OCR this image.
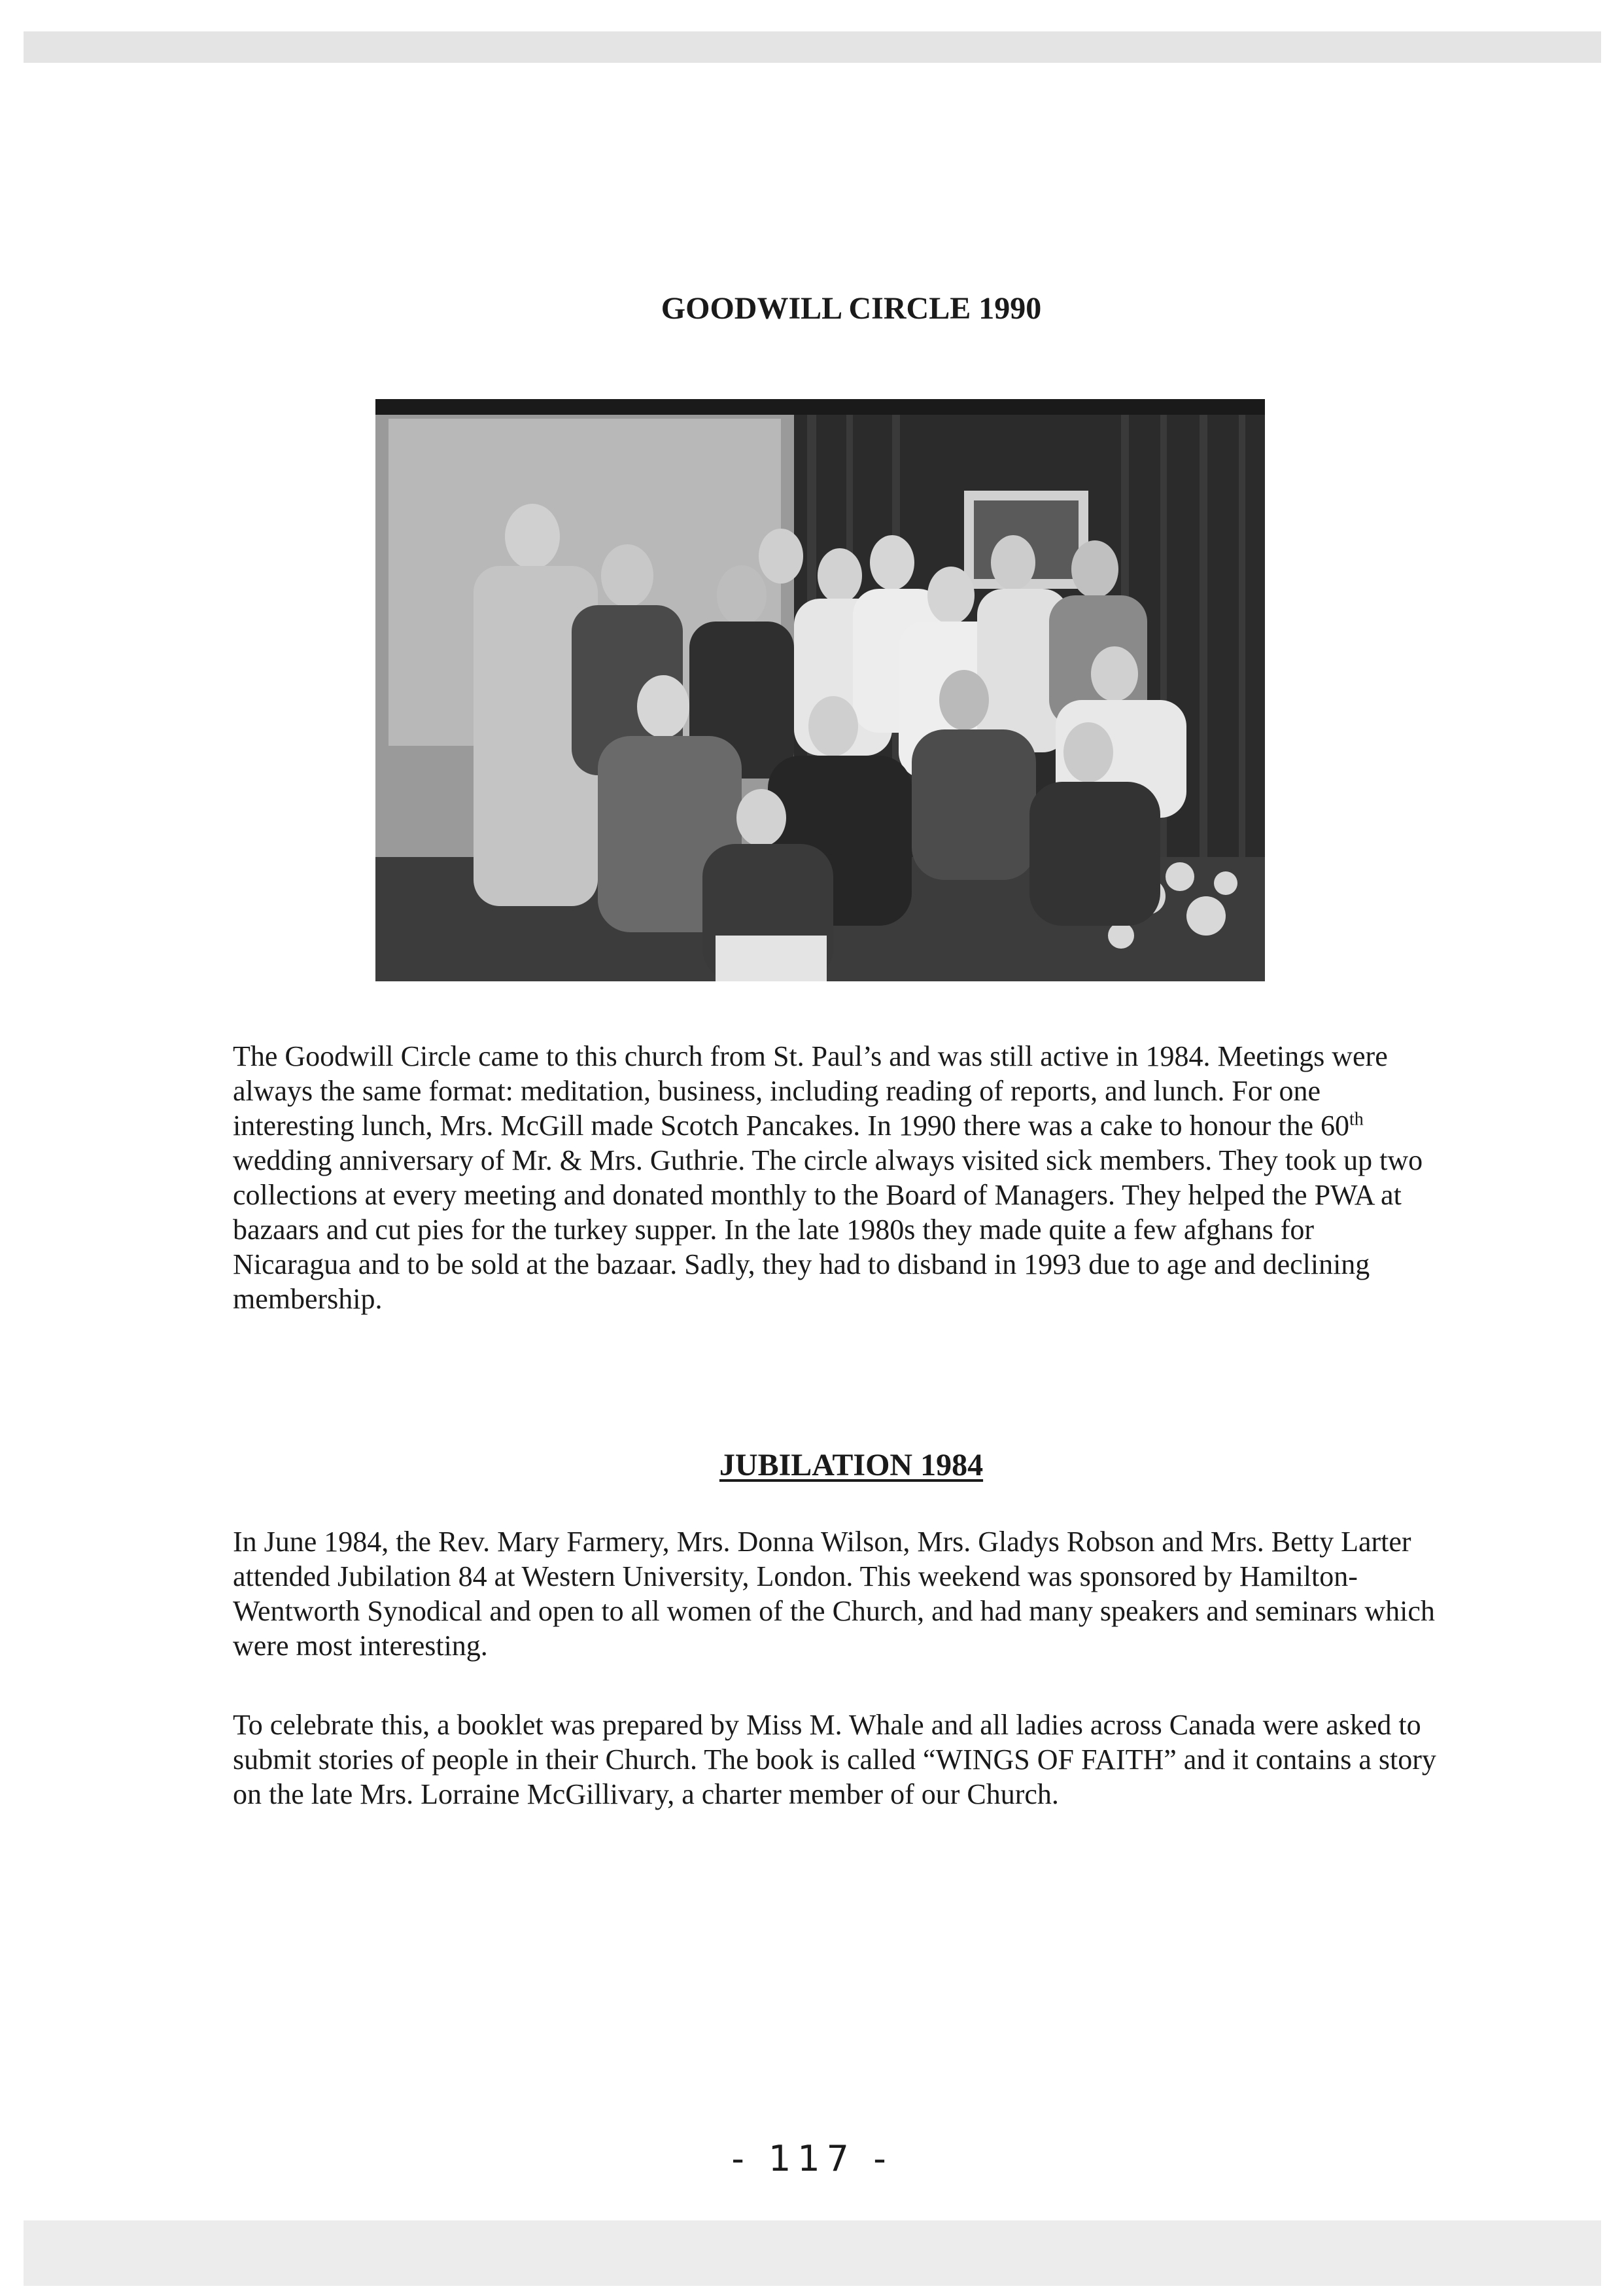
GOODWILL CIRCLE 1990

The Goodwill Circle came to this church from St. Paul’s and was still active in 1984. Meetings were always the same format: meditation, business, including reading of reports, and lunch. For one interesting lunch, Mrs. McGill made Scotch Pancakes. In 1990 there was a cake to honour the 60th wedding anniversary of Mr. & Mrs. Guthrie. The circle always visited sick members. They took up two collections at every meeting and donated monthly to the Board of Managers. They helped the PWA at bazaars and cut pies for the turkey supper. In the late 1980s they made quite a few afghans for Nicaragua and to be sold at the bazaar. Sadly, they had to disband in 1993 due to age and declining membership.

JUBILATION 1984

In June 1984, the Rev. Mary Farmery, Mrs. Donna Wilson, Mrs. Gladys Robson and Mrs. Betty Larter attended Jubilation 84 at Western University, London. This weekend was sponsored by Hamilton-Wentworth Synodical and open to all women of the Church, and had many speakers and seminars which were most interesting.

To celebrate this, a booklet was prepared by Miss M. Whale and all ladies across Canada were asked to submit stories of people in their Church. The book is called “WINGS OF FAITH” and it contains a story on the late Mrs. Lorraine McGillivary, a charter member of our Church.

- 117 -
